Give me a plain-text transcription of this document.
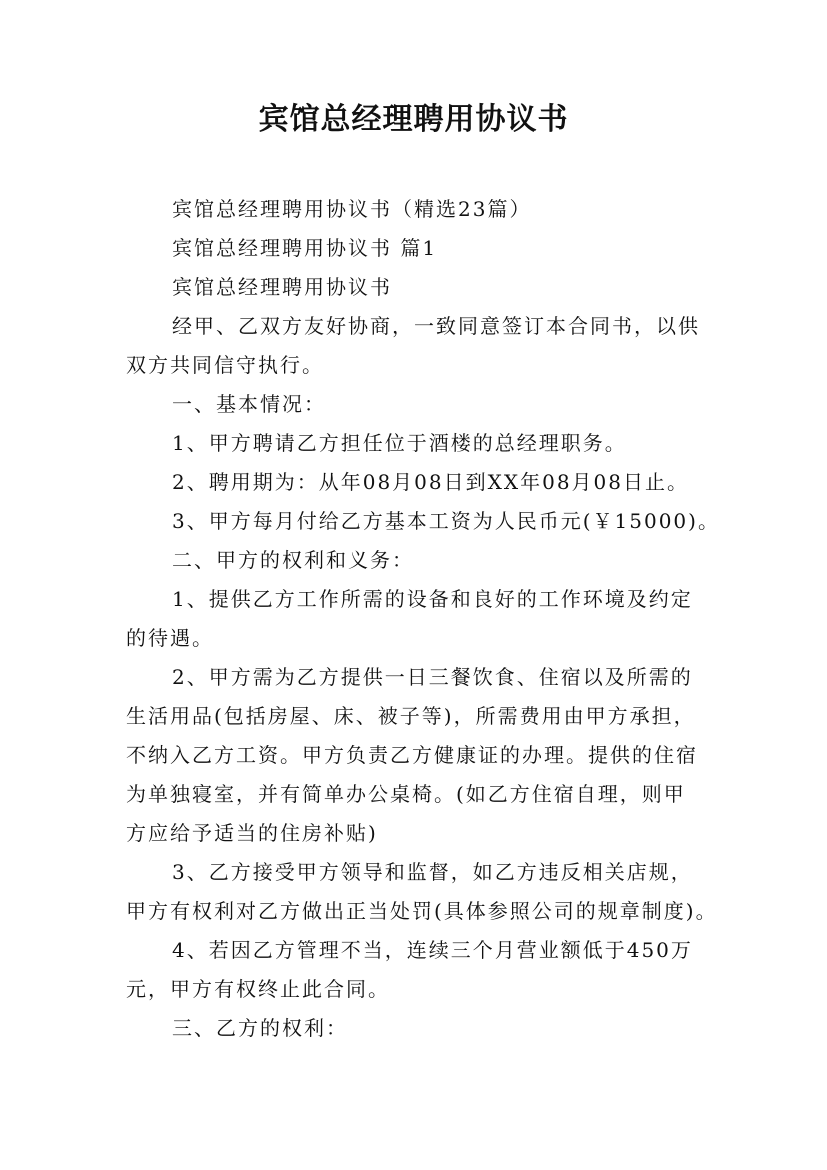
宾馆总经理聘用协议书

宾馆总经理聘用协议书（精选23篇）

宾馆总经理聘用协议书 篇1

宾馆总经理聘用协议书

经甲、乙双方友好协商，一致同意签订本合同书，以供

双方共同信守执行。

一、基本情况：

1、甲方聘请乙方担任位于酒楼的总经理职务。

2、聘用期为：从年08月08日到XX年08月08日止。

3、甲方每月付给乙方基本工资为人民币元(￥15000)。

二、甲方的权利和义务：

1、提供乙方工作所需的设备和良好的工作环境及约定

的待遇。

2、甲方需为乙方提供一日三餐饮食、住宿以及所需的

生活用品(包括房屋、床、被子等)，所需费用由甲方承担，

不纳入乙方工资。甲方负责乙方健康证的办理。提供的住宿

为单独寝室，并有简单办公桌椅。(如乙方住宿自理，则甲

方应给予适当的住房补贴)

3、乙方接受甲方领导和监督，如乙方违反相关店规，

甲方有权利对乙方做出正当处罚(具体参照公司的规章制度)。

4、若因乙方管理不当，连续三个月营业额低于450万

元，甲方有权终止此合同。

三、乙方的权利：
